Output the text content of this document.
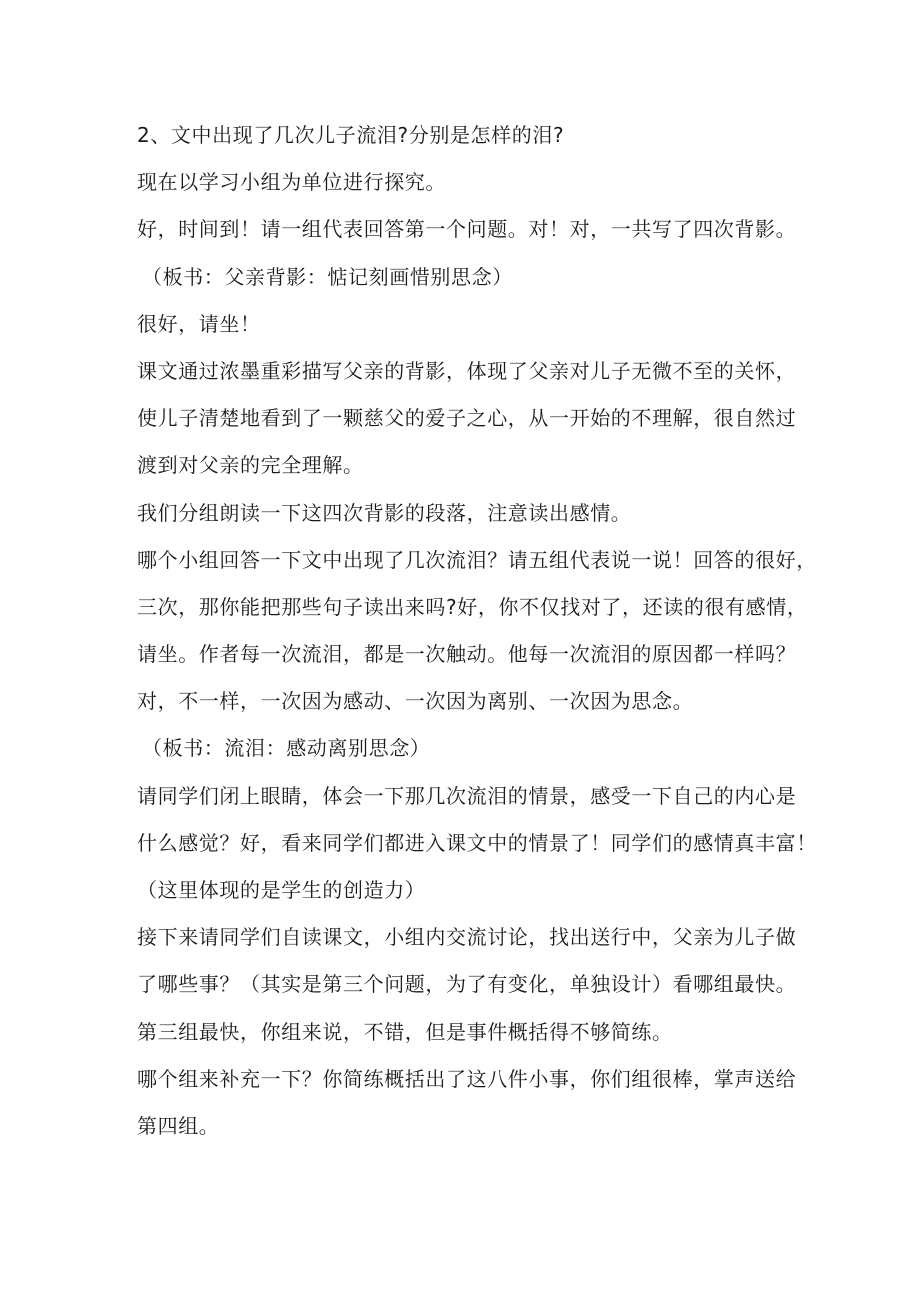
2、文中出现了几次儿子流泪?分别是怎样的泪?
现在以学习小组为单位进行探究。
好，时间到！请一组代表回答第一个问题。对！对，一共写了四次背影。
（板书：父亲背影：惦记刻画惜别思念）
很好，请坐！
课文通过浓墨重彩描写父亲的背影，体现了父亲对儿子无微不至的关怀，
使儿子清楚地看到了一颗慈父的爱子之心，从一开始的不理解，很自然过
渡到对父亲的完全理解。
我们分组朗读一下这四次背影的段落，注意读出感情。
哪个小组回答一下文中出现了几次流泪？请五组代表说一说！回答的很好，
三次，那你能把那些句子读出来吗?好，你不仅找对了，还读的很有感情，
请坐。作者每一次流泪，都是一次触动。他每一次流泪的原因都一样吗？
对，不一样，一次因为感动、一次因为离别、一次因为思念。
（板书：流泪：感动离别思念）
请同学们闭上眼睛，体会一下那几次流泪的情景，感受一下自己的内心是
什么感觉？好，看来同学们都进入课文中的情景了！同学们的感情真丰富！
（这里体现的是学生的创造力）
接下来请同学们自读课文，小组内交流讨论，找出送行中，父亲为儿子做
了哪些事？（其实是第三个问题，为了有变化，单独设计）看哪组最快。
第三组最快，你组来说，不错，但是事件概括得不够简练。
哪个组来补充一下？你简练概括出了这八件小事，你们组很棒，掌声送给
第四组。
